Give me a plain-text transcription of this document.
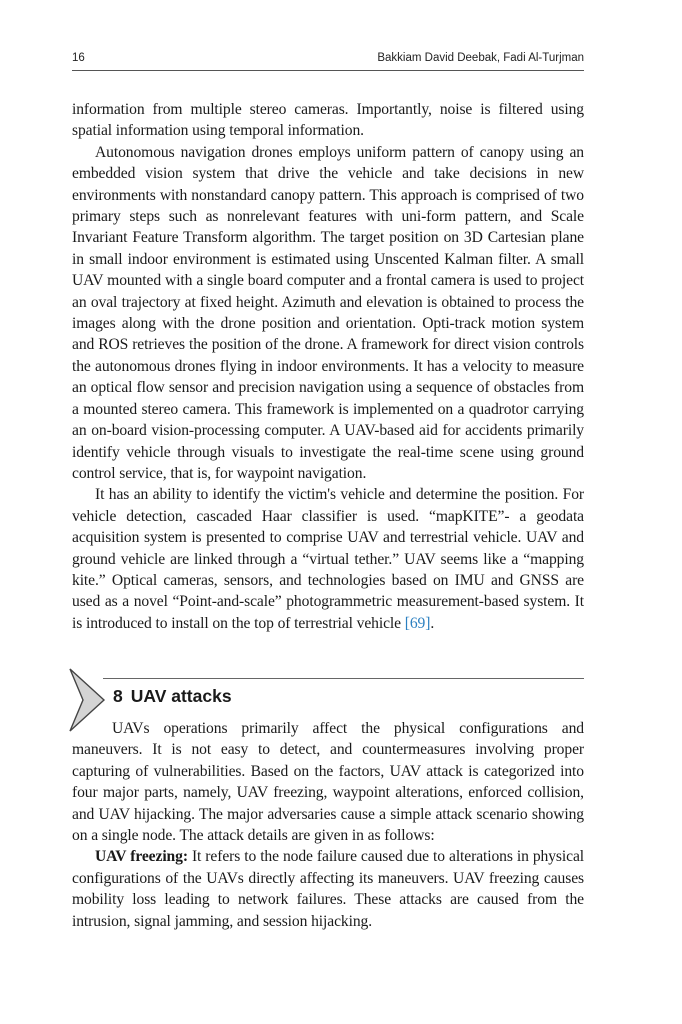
16	Bakkiam David Deebak, Fadi Al-Turjman

information from multiple stereo cameras. Importantly, noise is filtered using spatial information using temporal information.

Autonomous navigation drones employs uniform pattern of canopy using an embedded vision system that drive the vehicle and take decisions in new environments with nonstandard canopy pattern. This approach is comprised of two primary steps such as nonrelevant features with uni-form pattern, and Scale Invariant Feature Transform algorithm. The target position on 3D Cartesian plane in small indoor environment is estimated using Unscented Kalman filter. A small UAV mounted with a single board computer and a frontal camera is used to project an oval trajectory at fixed height. Azimuth and elevation is obtained to process the images along with the drone position and orientation. Opti-track motion system and ROS retrieves the position of the drone. A framework for direct vision controls the autonomous drones flying in indoor environments. It has a velocity to measure an optical flow sensor and precision navigation using a sequence of obstacles from a mounted stereo camera. This framework is implemented on a quadrotor carrying an on-board vision-processing computer. A UAV-based aid for accidents primarily identify vehicle through visuals to investigate the real-time scene using ground control service, that is, for waypoint navigation.

It has an ability to identify the victim's vehicle and determine the position. For vehicle detection, cascaded Haar classifier is used. “mapKITE”- a geodata acquisition system is presented to comprise UAV and terrestrial vehicle. UAV and ground vehicle are linked through a “virtual tether.” UAV seems like a “mapping kite.” Optical cameras, sensors, and technologies based on IMU and GNSS are used as a novel “Point-and-scale” photogrammetric measurement-based system. It is introduced to install on the top of terrestrial vehicle [69].

8 UAV attacks

UAVs operations primarily affect the physical configurations and maneuvers. It is not easy to detect, and countermeasures involving proper capturing of vulnerabilities. Based on the factors, UAV attack is categorized into four major parts, namely, UAV freezing, waypoint alterations, enforced collision, and UAV hijacking. The major adversaries cause a simple attack scenario showing on a single node. The attack details are given in as follows:

UAV freezing: It refers to the node failure caused due to alterations in physical configurations of the UAVs directly affecting its maneuvers. UAV freezing causes mobility loss leading to network failures. These attacks are caused from the intrusion, signal jamming, and session hijacking.
